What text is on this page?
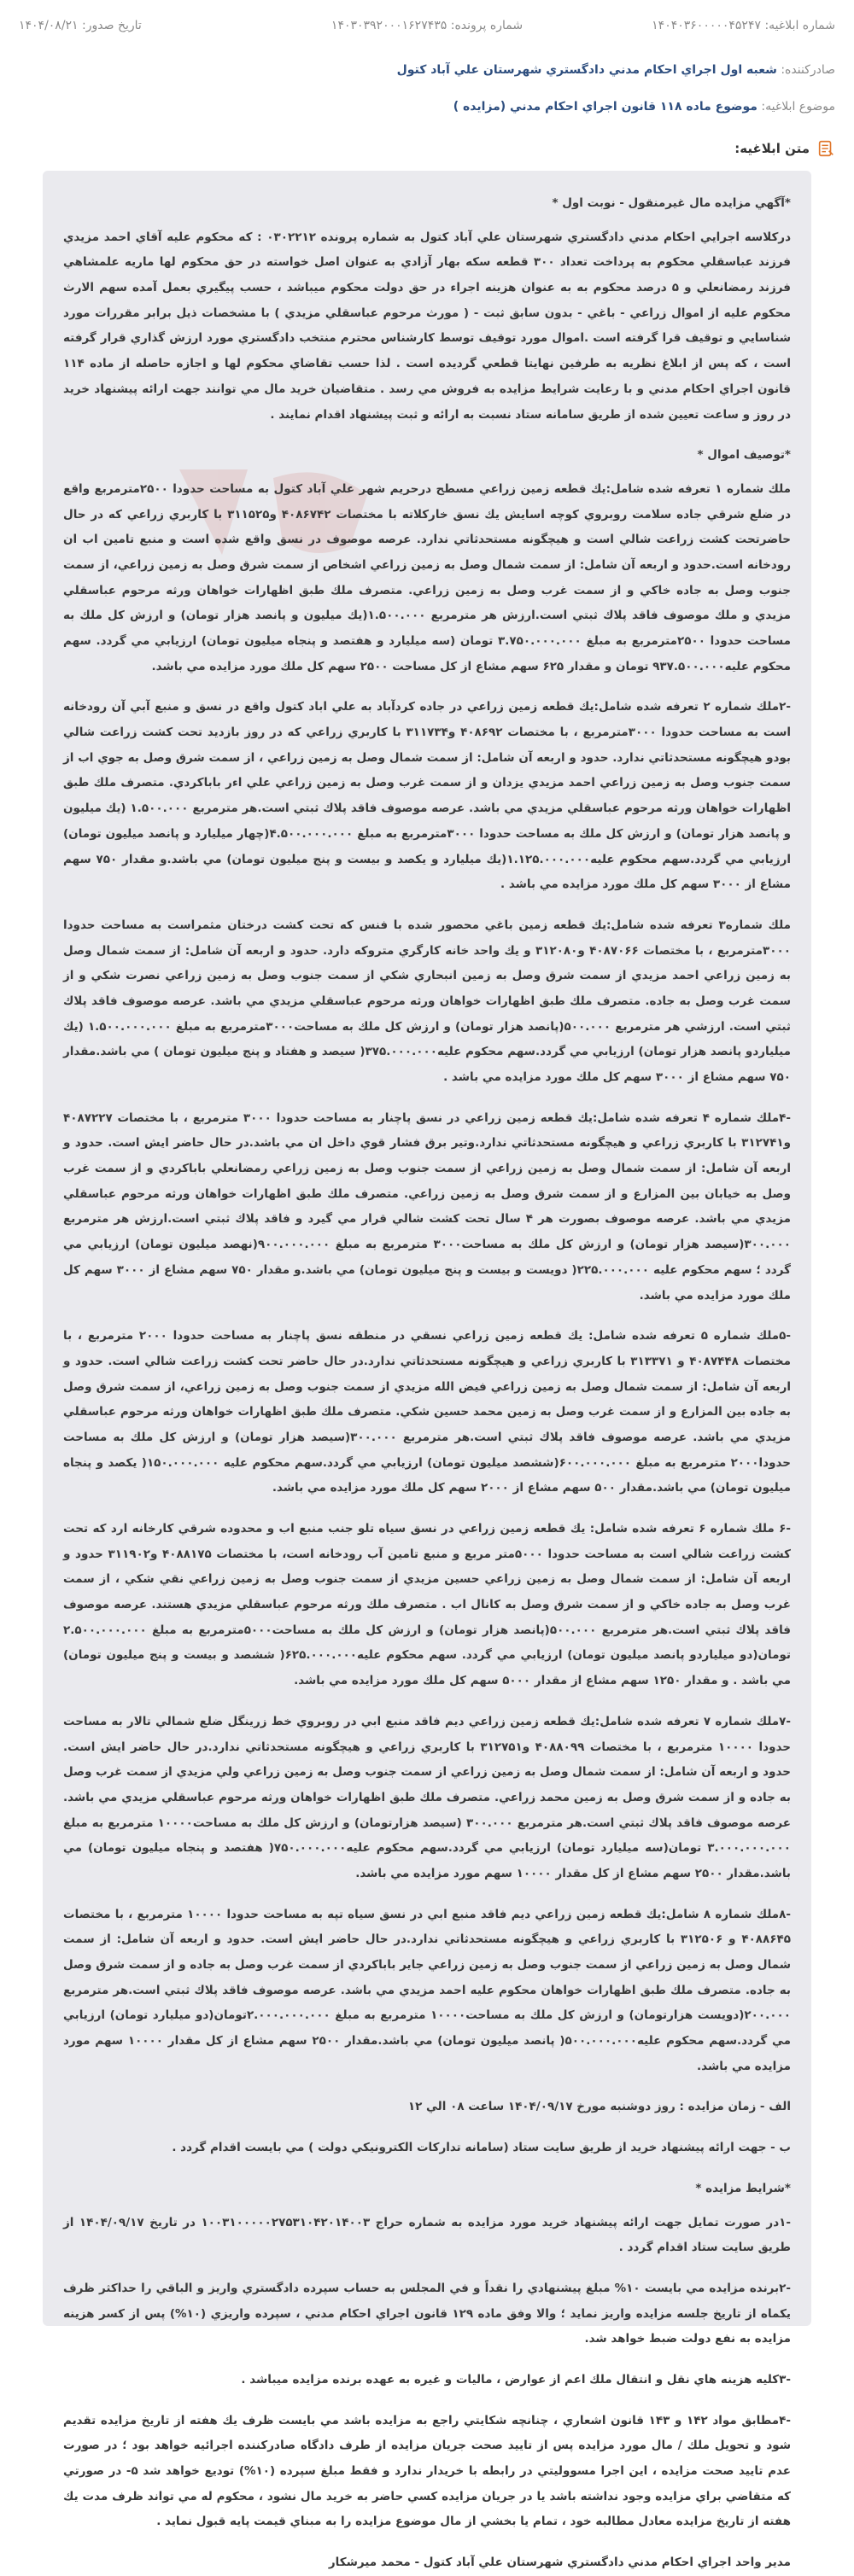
شماره ابلاغیه: ۱۴۰۴۰۳۶۰۰۰۰۰۴۵۲۴۷
شماره پرونده: ۱۴۰۳۰۳۹۲۰۰۰۱۶۲۷۴۳۵
تاریخ صدور: ۱۴۰۴/۰۸/۲۱
صادرکننده: شعبه اول اجراي احکام مدني دادگستري شهرستان علي آباد کتول
موضوع ابلاغیه: موضوع ماده ۱۱۸ قانون اجراي احکام مدني (مزايده )
متن ابلاغیه:

*آگهي مزايده مال غيرمنقول - نوبت اول *

دركلاسه اجرايي احکام مدني دادگستري شهرستان علي آباد کتول به شماره پرونده ۰۳۰۲۲۱۲ : كه محكوم عليه آقاي احمد مزيدي فرزند عباسقلي محكوم به پرداخت تعداد ٣٠٠ قطعه سكه بهار آزادي به عنوان اصل خواسته در حق محكوم لها ماريه علمشاهي فرزند رمضانعلي و ۵ درصد محكوم به به عنوان هزينه اجراء در حق دولت محكوم ميباشد ، حسب پيگيري بعمل آمده سهم الارث محكوم عليه از اموال زراعي - باغي - بدون سابق ثبت - ( مورث مرحوم عباسقلي مزيدي ) با مشخصات ذيل برابر مقررات مورد شناسايي و توقيف قرا گرفته است .اموال مورد توقيف توسط كارشناس محترم منتخب دادگستري مورد ارزش گذاري قرار گرفته است ، كه پس از ابلاغ نظريه به طرفين نهايتا قطعي گرديده است . لذا حسب تقاضاي محكوم لها و اجازه حاصله از ماده ١١۴ قانون اجراي احكام مدني و با رعايت شرايط مزايده به فروش مي رسد . متقاضيان خريد مال مي توانند جهت ارائه پيشنهاد خريد در روز و ساعت تعيين شده از طريق سامانه ستاد نسبت به ارائه و ثبت پيشنهاد اقدام نمايند .

*توصيف اموال *

ملك شماره ١ تعرفه شده شامل:يك قطعه زمين زراعي مسطح درحريم شهر علي آباد كتول به مساحت حدودا ٢۵٠٠مترمربع واقع در ضلع شرقي جاده سلامت روبروي كوچه اسايش يك نسق خاركلاته با مختصات ۴٠٨۶٧۴٢ و٣١١۵٢۵ با كاربري زراعي كه در حال حاضرتحت كشت زراعت شالي است و هيچگونه مستحدثاتي ندارد. عرصه موصوف در نسق واقع شده است و منبع تامين اب ان رودخانه است.حدود و اربعه آن شامل: از سمت شمال وصل به زمين زراعي اشخاص از سمت شرق وصل به زمين زراعي، از سمت جنوب وصل به جاده خاكي و از سمت غرب وصل به زمين زراعي. متصرف ملك طبق اظهارات خواهان ورثه مرحوم عباسقلي مزيدي و ملك موصوف فاقد پلاك ثبتي است.ارزش هر مترمربع ١.۵٠٠.٠٠٠(يك ميليون و پانصد هزار تومان) و ارزش كل ملك به مساحت حدودا ٢۵٠٠مترمربع به مبلغ ٣.٧۵٠.٠٠٠.٠٠٠ تومان (سه ميليارد و هفتصد و پنجاه ميليون تومان) ارزيابي مي گردد. سهم محكوم عليه٩٣٧.۵٠٠.٠٠٠ تومان و مقدار ۶٢۵ سهم مشاع از كل مساحت ٢۵٠٠ سهم كل ملك مورد مزايده مي باشد.

-٢ملك شماره ٢ تعرفه شده شامل:يك قطعه زمين زراعي در جاده كردآباد به علي اباد كتول واقع در نسق و منبع آبي آن رودخانه است به مساحت حدودا ٣٠٠٠مترمربع ، با مختصات ۴٠٨۶٩٢ و٣١١٧٣۴ با كاربري زراعي كه در روز بازديد تحت كشت زراعت شالي بودو هيچگونه مستحدثاتي ندارد. حدود و اربعه آن شامل: از سمت شمال وصل به زمين زراعي ، از سمت شرق وصل به جوي اب از سمت جنوب وصل به زمين زراعي احمد مزيدي يزدان و از سمت غرب وصل به زمين زراعي علي اءر باباكردي. متصرف ملك طبق اظهارات خواهان ورثه مرحوم عباسقلي مزيدي مي باشد. عرصه موصوف فاقد پلاك ثبتي است.هر مترمربع ١.۵٠٠.٠٠٠ (يك ميليون و پانصد هزار تومان) و ارزش كل ملك به مساحت حدودا ٣٠٠٠مترمربع به مبلغ ۴.۵٠٠.٠٠٠.٠٠٠(چهار ميليارد و پانصد ميليون تومان) ارزيابي مي گردد.سهم محكوم عليه١.١٢۵.٠٠٠.٠٠٠(يك ميليارد و يكصد و بيست و پنج ميليون تومان) مي باشد.و مقدار ٧۵٠ سهم مشاع از ٣٠٠٠ سهم كل ملك مورد مزايده مي باشد .

ملك شماره٣ تعرفه شده شامل:يك قطعه زمين باغي محصور شده با فنس كه تحت كشت درختان مثمراست به مساحت حدودا ٣٠٠٠مترمربع ، با مختصات ۴٠٨٧٠۶۶ و٣١٢٠٨٠ و يك واحد خانه كارگري متروكه دارد. حدود و اربعه آن شامل: از سمت شمال وصل به زمين زراعي احمد مزيدي از سمت شرق وصل به زمين انبحاري شكي از سمت جنوب وصل به زمين زراعي نصرت شكي و از سمت غرب وصل به جاده. متصرف ملك طبق اظهارات خواهان ورثه مرحوم عباسقلي مزيدي مي باشد. عرصه موصوف فاقد پلاك ثبتي است. ارزشي هر مترمربع ۵٠٠.٠٠٠(پانصد هزار تومان) و ارزش كل ملك به مساحت٣٠٠٠مترمربع به مبلغ ١.۵٠٠.٠٠٠.٠٠٠ (يك ميلياردو پانصد هزار تومان) ارزيابي مي گردد.سهم محكوم عليه٣٧۵.٠٠٠.٠٠٠( سيصد و هفتاد و پنج ميليون تومان ) مي باشد.مقدار ٧۵٠ سهم مشاع از ٣٠٠٠ سهم كل ملك مورد مزايده مي باشد .

-۴ملك شماره ۴ تعرفه شده شامل:يك قطعه زمين زراعي در نسق پاچنار به مساحت حدودا ٣٠٠٠ مترمربع ، با مختصات ۴٠٨٧٢٢٧ و٣١٢٧۴١ با كاربري زراعي و هيچگونه مستحدثاتي ندارد.وتير برق فشار قوي داخل ان مي باشد.در حال حاضر ايش است. حدود و اربعه آن شامل: از سمت شمال وصل به زمين زراعي از سمت جنوب وصل به زمين زراعي رمضانعلي باباكردي و از سمت غرب وصل به خيابان بين المزارع و از سمت شرق وصل به زمين زراعي. متصرف ملك طبق اظهارات خواهان ورثه مرحوم عباسقلي مزيدي مي باشد. عرصه موصوف بصورت هر ۴ سال تحت كشت شالي قرار مي گيرد و فاقد پلاك ثبتي است.ارزش هر مترمربع ٣٠٠.٠٠٠(سيصد هزار تومان) و ارزش كل ملك به مساحت٣٠٠٠ مترمربع به مبلغ ٩٠٠.٠٠٠.٠٠٠(نهصد ميليون تومان) ارزيابي مي گردد ؛ سهم محكوم عليه ٢٢۵.٠٠٠.٠٠٠( دويست و بيست و پنج ميليون تومان) مي باشد.و مقدار ٧۵٠ سهم مشاع از ٣٠٠٠ سهم كل ملك مورد مزايده مي باشد.

-۵ملك شماره ۵ تعرفه شده شامل: يك قطعه زمين زراعي نسقي در منطقه نسق پاچنار به مساحت حدودا ٢٠٠٠ مترمربع ، با مختصات ۴٠٨٧۴۴٨ و ٣١٣٣٧١ با كاربري زراعي و هيچگونه مستحدثاتي ندارد.در حال حاضر تحت كشت زراعت شالي است. حدود و اربعه آن شامل: از سمت شمال وصل به زمين زراعي فيض الله مزيدي از سمت جنوب وصل به زمين زراعي، از سمت شرق وصل به جاده بين المزارع و از سمت غرب وصل به زمين محمد حسين شكي. متصرف ملك طبق اظهارات خواهان ورثه مرحوم عباسقلي مزيدي مي باشد. عرصه موصوف فاقد پلاك ثبتي است.هر مترمربع ٣٠٠.٠٠٠(سيصد هزار تومان) و ارزش كل ملك به مساحت حدودا٢٠٠٠ مترمربع به مبلغ ۶٠٠.٠٠٠.٠٠٠(ششصد ميليون تومان) ارزيابي مي گردد.سهم محكوم عليه ١۵٠.٠٠٠.٠٠٠( يكصد و پنجاه ميليون تومان) مي باشد.مقدار ۵٠٠ سهم مشاع از ٢٠٠٠ سهم كل ملك مورد مزايده مي باشد.

-۶ ملك شماره ۶ تعرفه شده شامل: يك قطعه زمين زراعي در نسق سياه تلو جنب منبع اب و محدوده شرقي كارخانه ارد كه تحت كشت زراعت شالي است به مساحت حدودا ۵٠٠٠متر مربع و منبع تامين آب رودخانه است، با مختصات ۴٠٨٨١٧۵ و٣١١٩٠٢ حدود و اربعه آن شامل: از سمت شمال وصل به زمين زراعي حسين مزيدي از سمت جنوب وصل به زمين زراعي نقي شكي ، از سمت غرب وصل به جاده خاكي و از سمت شرق وصل به كانال اب . متصرف ملك ورثه مرحوم عباسقلي مزيدي هستند. عرصه موصوف فاقد پلاك ثبتي است.هر مترمربع ۵٠٠.٠٠٠(پانصد هزار تومان) و ارزش كل ملك به مساحت۵٠٠٠مترمربع به مبلغ ٢.۵٠٠.٠٠٠.٠٠٠ تومان(دو ميلياردو پانصد ميليون تومان) ارزيابي مي گردد. سهم محكوم عليه۶٢۵.٠٠٠.٠٠٠( ششصد و بيست و پنج ميليون تومان) مي باشد . و مقدار ١٢۵٠ سهم مشاع از مقدار ۵٠٠٠ سهم كل ملك مورد مزايده مي باشد.

-٧ملك شماره ٧ تعرفه شده شامل:يك قطعه زمين زراعي ديم فاقد منبع ابي در روبروي خط زرينگل ضلع شمالي تالار به مساحت حدودا ١٠٠٠٠ مترمربع ، با مختصات ۴٠٨٨٠٩٩ و٣١٢٧۵١ با كاربري زراعي و هيچگونه مستحدثاتي ندارد.در حال حاضر ايش است. حدود و اربعه آن شامل: از سمت شمال وصل به زمين زراعي از سمت جنوب وصل به زمين زراعي ولي مزيدي از سمت غرب وصل به جاده و از سمت شرق وصل به زمين محمد زراعي. متصرف ملك طبق اظهارات خواهان ورثه مرحوم عباسقلي مزيدي مي باشد. عرصه موصوف فاقد پلاك ثبتي است.هر مترمربع ٣٠٠.٠٠٠ (سيصد هزارتومان) و ارزش كل ملك به مساحت١٠٠٠٠ مترمربع به مبلغ ٣.٠٠٠.٠٠٠.٠٠٠ تومان(سه ميليارد تومان) ارزيابي مي گردد.سهم محكوم عليه٧۵٠.٠٠٠.٠٠٠( هفتصد و پنجاه ميليون تومان) مي باشد.مقدار ٢۵٠٠ سهم مشاع از كل مقدار ١٠٠٠٠ سهم مورد مزايده مي باشد.

-٨ملك شماره ٨ شامل:يك قطعه زمين زراعي ديم فاقد منبع ابي در نسق سياه تپه به مساحت حدودا ١٠٠٠٠ مترمربع ، با مختصات ۴٠٨٨۶۴۵ و ٣١٢۵٠۶ با كاربري زراعي و هيچگونه مستحدثاتي ندارد.در حال حاضر ايش است. حدود و اربعه آن شامل: از سمت شمال وصل به زمين زراعي از سمت جنوب وصل به زمين زراعي جاير باباكردي از سمت غرب وصل به جاده و از سمت شرق وصل به جاده. متصرف ملك طبق اظهارات خواهان محكوم عليه احمد مزيدي مي باشد. عرصه موصوف فاقد پلاك ثبتي است.هر مترمربع ٢٠٠.٠٠٠(دويست هزارتومان) و ارزش كل ملك به مساحت١٠٠٠٠ مترمربع به مبلغ ٢.٠٠٠.٠٠٠.٠٠٠تومان(دو ميليارد تومان) ارزيابي مي گردد.سهم محكوم عليه۵٠٠.٠٠٠.٠٠٠( پانصد ميليون تومان) مي باشد.مقدار ٢۵٠٠ سهم مشاع از كل مقدار ١٠٠٠٠ سهم مورد مزايده مي باشد.

الف - زمان مزايده : روز دوشنبه مورخ ١۴٠۴/٠٩/١٧ ساعت ٠٨ الي ١٢

ب - جهت ارائه پيشنهاد خريد از طريق سايت ستاد (سامانه تداركات الكترونيكي دولت ) مي بايست اقدام گردد .

*شرايط مزايده *

-١در صورت تمايل جهت ارائه پيشنهاد خريد مورد مزايده به شماره حراج ١٠٠٣١٠٠٠٠٠٢٧۵٣١٠۴٢٠١۴٠٠٣ در تاريخ ١۴٠۴/٠٩/١٧ از طريق سايت ستاد اقدام گردد .

-٢برنده مزايده مي بايست ١٠% مبلغ پيشنهادي را نقداً و في المجلس به حساب سپرده دادگستري واريز و الباقي را حداكثر ظرف يكماه از تاريخ جلسه مزايده واريز نمايد ؛ والا وفق ماده ١٢٩ قانون اجراي احكام مدني ، سپرده واريزي (١٠%) پس از كسر هزينه مزايده به نفع دولت ضبط خواهد شد.

-٣كليه هزينه هاي نقل و انتقال ملك اعم از عوارض ، ماليات و غيره به عهده برنده مزايده ميباشد .

-۴مطابق مواد ١۴٢ و ١۴٣ قانون اشعاري ، چنانچه شكايتي راجع به مزايده باشد مي بايست ظرف يك هفته از تاريخ مزايده تقديم شود و تحويل ملك / مال مورد مزايده پس از تاييد صحت جريان مزايده از طرف دادگاه صادركننده اجرائيه خواهد بود ؛ در صورت عدم تاييد صحت مزايده ، اين اجرا مسووليتي در رابطه با خريدار ندارد و فقط مبلغ سپرده (١٠%) توديع خواهد شد ۵- در صورتي كه متقاضي براي مزايده وجود نداشته باشد يا در جريان مزايده كسي حاضر به خريد مال نشود ، محكوم له مي تواند ظرف مدت يك هفته از تاريخ مزايده معادل مطالبه خود ، تمام يا بخشي از مال موضوع مزايده را به مبناي قيمت پايه قبول نمايد .

مدير واحد اجراي احكام مدني دادگستري شهرستان علي آباد كتول - محمد ميرشكار
